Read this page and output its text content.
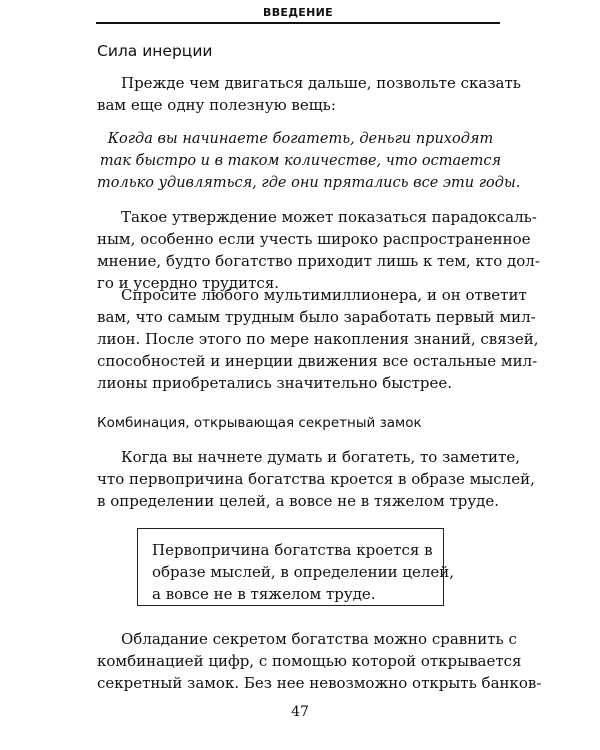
ВВЕДЕНИЕ
Сила инерции

Прежде чем двигаться дальше, позвольте сказать
вам еще одну полезную вещь:

Когда вы начинаете богатеть, деньги приходят
так быстро и в таком количестве, что остается
только удивляться, где они прятались все эти годы.

Такое утверждение может показаться парадоксаль-
ным, особенно если учесть широко распространенное
мнение, будто богатство приходит лишь к тем, кто дол-
го и усердно трудится.

Спросите любого мультимиллионера, и он ответит
вам, что самым трудным было заработать первый мил-
лион. После этого по мере накопления знаний, связей,
способностей и инерции движения все остальные мил-
лионы приобретались значительно быстрее.

Комбинация, открывающая секретный замок

Когда вы начнете думать и богатеть, то заметите,
что первопричина богатства кроется в образе мыслей,
в определении целей, а вовсе не в тяжелом труде.

Первопричина богатства кроется в
образе мыслей, в определении целей,
а вовсе не в тяжелом труде.

Обладание секретом богатства можно сравнить с
комбинацией цифр, с помощью которой открывается
секретный замок. Без нее невозможно открыть банков-

47
